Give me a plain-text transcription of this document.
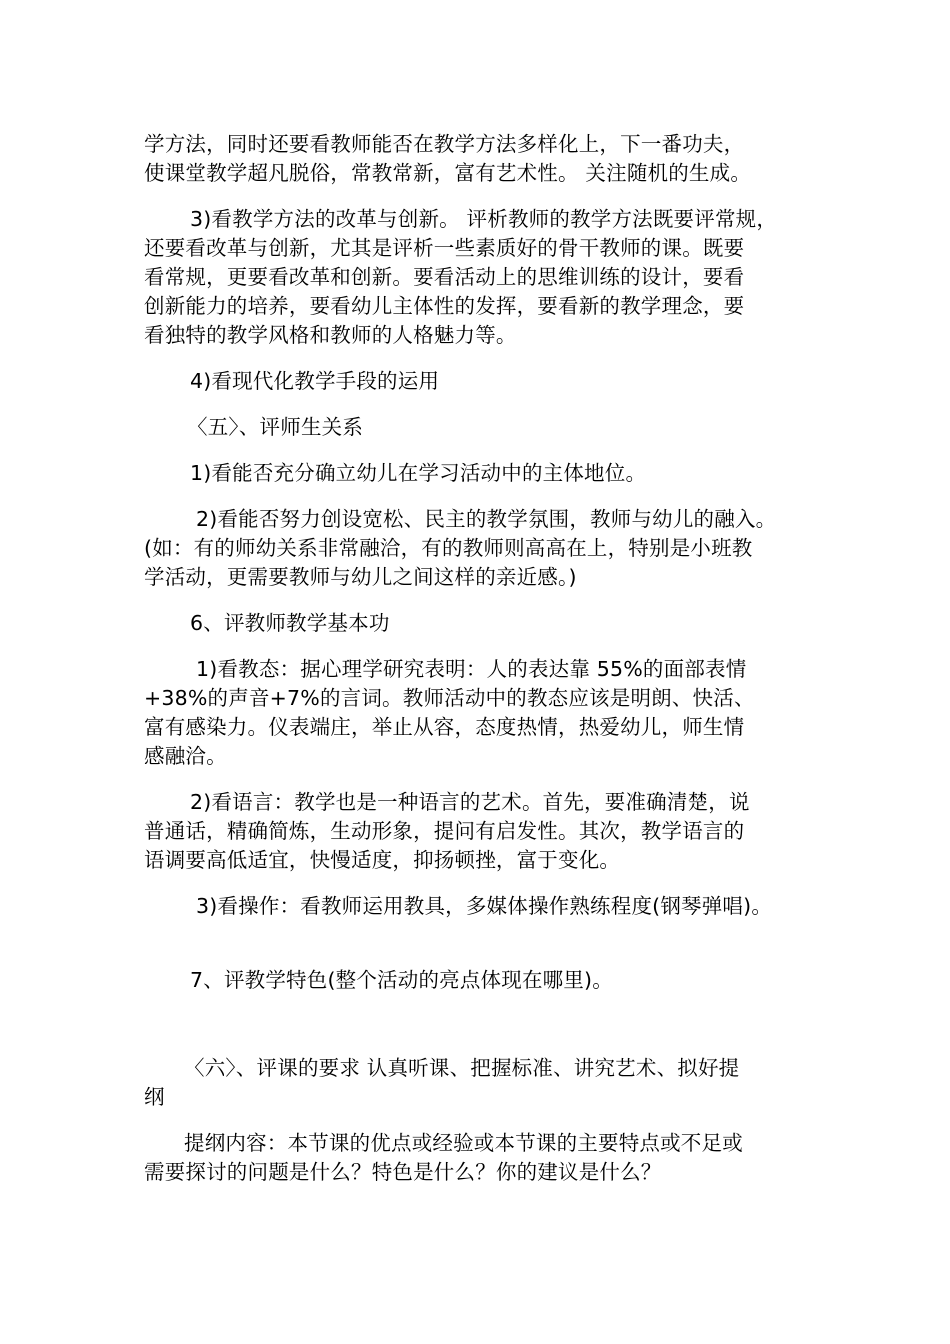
学方法，同时还要看教师能否在教学方法多样化上，下一番功夫，
使课堂教学超凡脱俗，常教常新，富有艺术性。 关注随机的生成。
3)看教学方法的改革与创新。 评析教师的教学方法既要评常规，
还要看改革与创新，尤其是评析一些素质好的骨干教师的课。既要
看常规，更要看改革和创新。要看活动上的思维训练的设计，要看
创新能力的培养，要看幼儿主体性的发挥，要看新的教学理念，要
看独特的教学风格和教师的人格魅力等。
4)看现代化教学手段的运用
〈五〉、评师生关系
1)看能否充分确立幼儿在学习活动中的主体地位。
2)看能否努力创设宽松、民主的教学氛围，教师与幼儿的融入。
(如：有的师幼关系非常融洽，有的教师则高高在上，特别是小班教
学活动，更需要教师与幼儿之间这样的亲近感。)
6、评教师教学基本功
1)看教态：据心理学研究表明：人的表达靠 55%的面部表情
+38%的声音+7%的言词。教师活动中的教态应该是明朗、快活、
富有感染力。仪表端庄，举止从容，态度热情，热爱幼儿，师生情
感融洽。
2)看语言：教学也是一种语言的艺术。首先，要准确清楚，说
普通话，精确简炼，生动形象，提问有启发性。其次，教学语言的
语调要高低适宜，快慢适度，抑扬顿挫，富于变化。
3)看操作：看教师运用教具，多媒体操作熟练程度(钢琴弹唱)。
7、评教学特色(整个活动的亮点体现在哪里)。
〈六〉、评课的要求 认真听课、把握标准、讲究艺术、拟好提
纲
提纲内容：本节课的优点或经验或本节课的主要特点或不足或
需要探讨的问题是什么？特色是什么？你的建议是什么？
